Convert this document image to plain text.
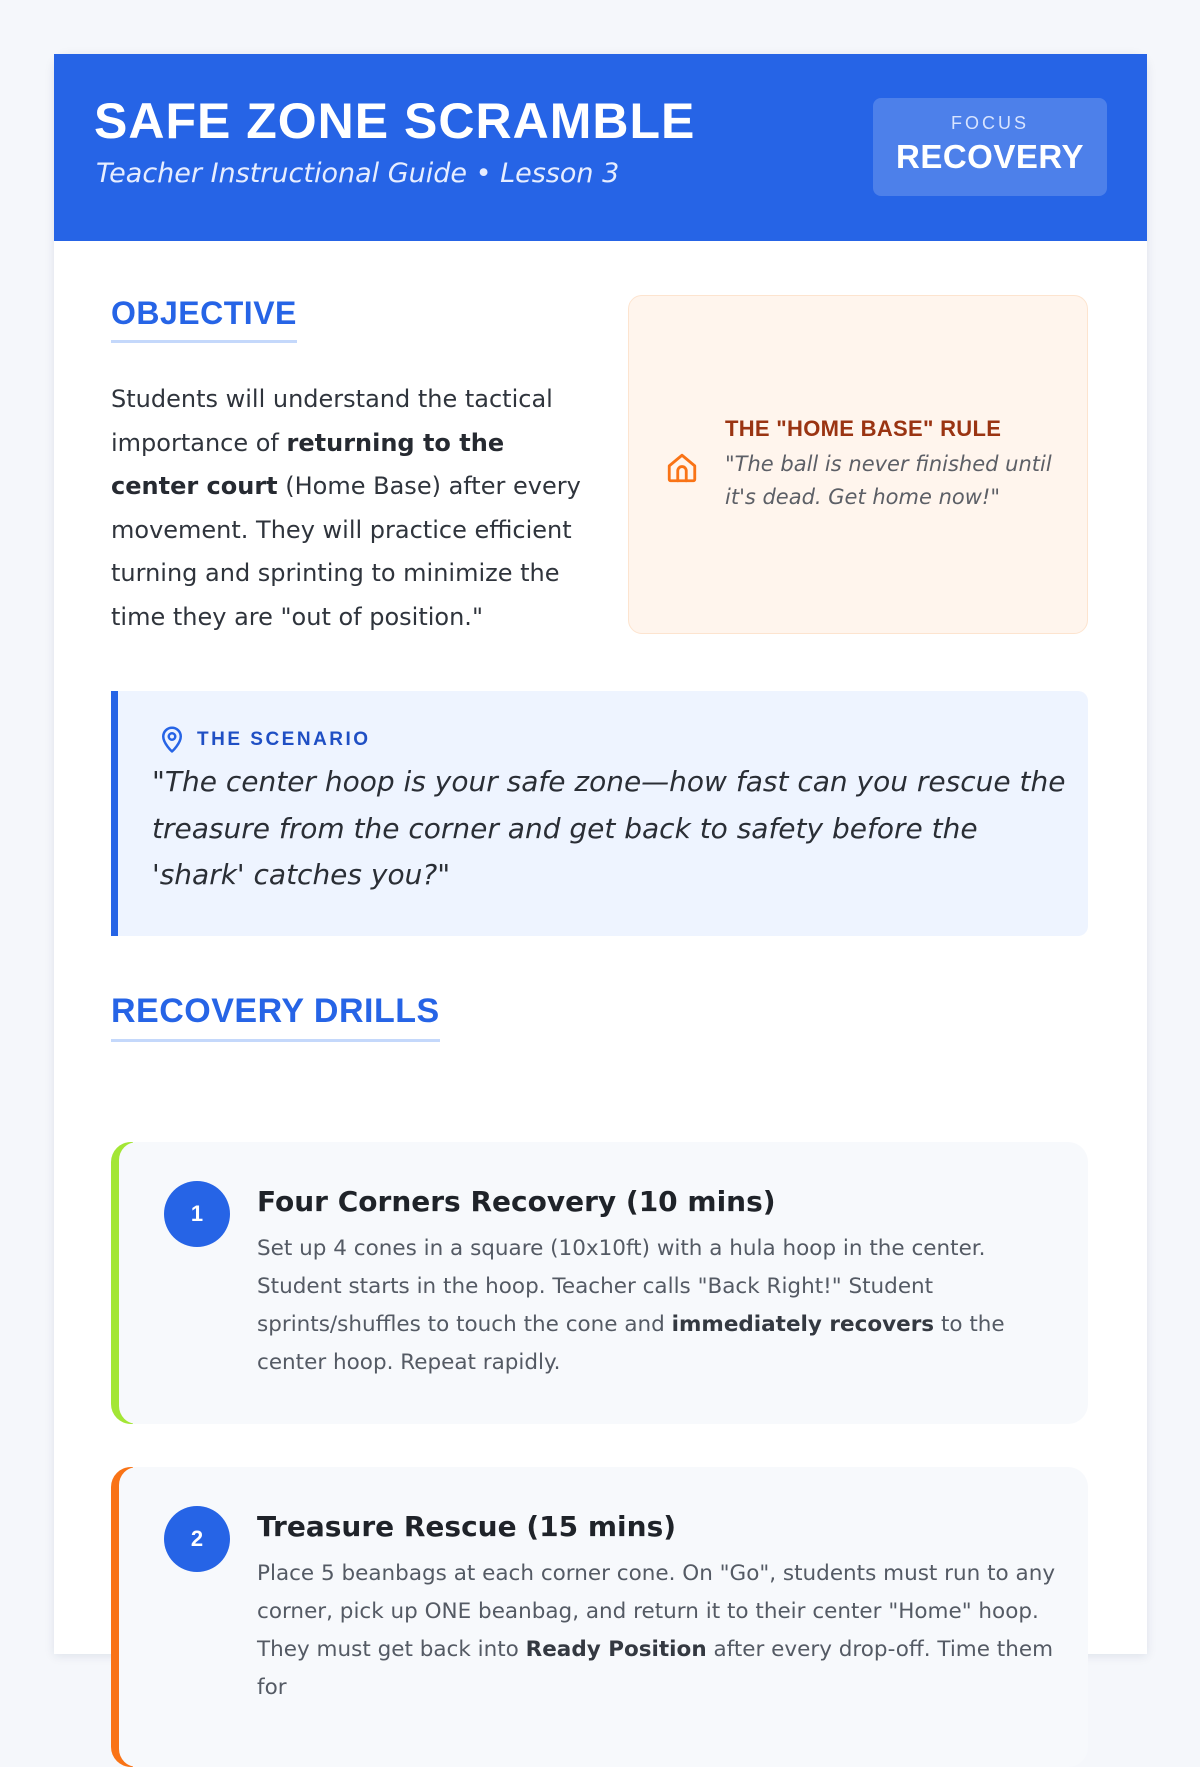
SAFE ZONE SCRAMBLE
Teacher Instructional Guide • Lesson 3
FOCUS
RECOVERY
OBJECTIVE
Students will understand the tactical importance of returning to the center court (Home Base) after every movement. They will practice efficient turning and sprinting to minimize the time they are "out of position."
THE "HOME BASE" RULE
"The ball is never finished until it's dead. Get home now!"
THE SCENARIO
"The center hoop is your safe zone—how fast can you rescue the treasure from the corner and get back to safety before the 'shark' catches you?"
RECOVERY DRILLS
1	Four Corners Recovery (10 mins)
Set up 4 cones in a square (10x10ft) with a hula hoop in the center. Student starts in the hoop. Teacher calls "Back Right!" Student sprints/shuffles to touch the cone and immediately recovers to the center hoop. Repeat rapidly.
2	Treasure Rescue (15 mins)
Place 5 beanbags at each corner cone. On "Go", students must run to any corner, pick up ONE beanbag, and return it to their center "Home" hoop. They must get back into Ready Position after every drop-off. Time them for
